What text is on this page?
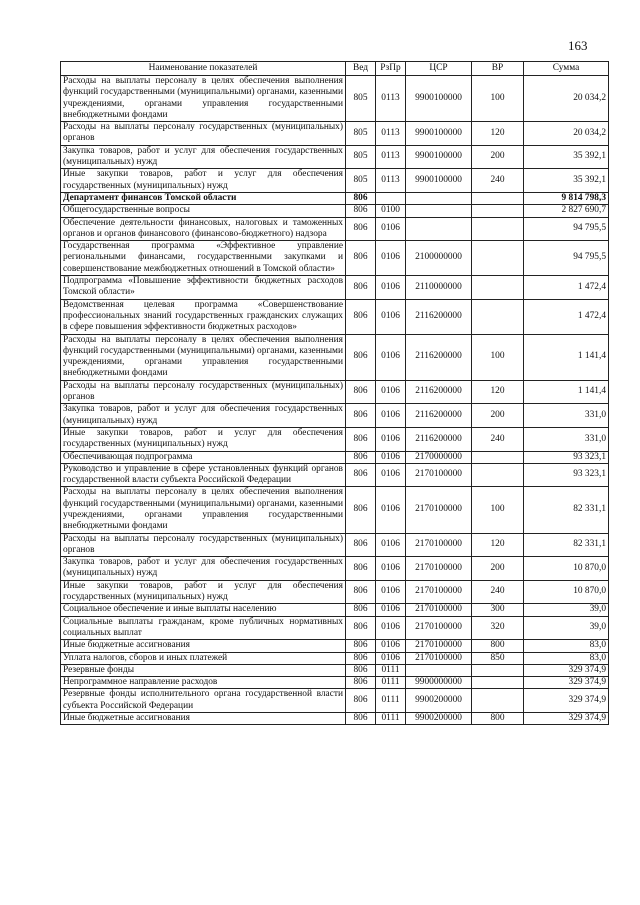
163
Наименование показателей	Вед	РзПр	ЦСР	ВР	Сумма
Расходы на выплаты персоналу в целях обеспечения выполнения функций государственными (муниципальными) органами, казенными учреждениями, органами управления государственными внебюджетными фондами	805	0113	9900100000	100	20 034,2
Расходы на выплаты персоналу государственных (муниципальных) органов	805	0113	9900100000	120	20 034,2
Закупка товаров, работ и услуг для обеспечения государственных (муниципальных) нужд	805	0113	9900100000	200	35 392,1
Иные закупки товаров, работ и услуг для обеспечения государственных (муниципальных) нужд	805	0113	9900100000	240	35 392,1
Департамент финансов Томской области	806				9 814 798,3
Общегосударственные вопросы	806	0100			2 827 690,7
Обеспечение деятельности финансовых, налоговых и таможенных органов и органов финансового (финансово-бюджетного) надзора	806	0106			94 795,5
Государственная программа «Эффективное управление региональными финансами, государственными закупками и совершенствование межбюджетных отношений в Томской области»	806	0106	2100000000		94 795,5
Подпрограмма «Повышение эффективности бюджетных расходов Томской области»	806	0106	2110000000		1 472,4
Ведомственная целевая программа «Совершенствование профессиональных знаний государственных гражданских служащих в сфере повышения эффективности бюджетных расходов»	806	0106	2116200000		1 472,4
Расходы на выплаты персоналу в целях обеспечения выполнения функций государственными (муниципальными) органами, казенными учреждениями, органами управления государственными внебюджетными фондами	806	0106	2116200000	100	1 141,4
Расходы на выплаты персоналу государственных (муниципальных) органов	806	0106	2116200000	120	1 141,4
Закупка товаров, работ и услуг для обеспечения государственных (муниципальных) нужд	806	0106	2116200000	200	331,0
Иные закупки товаров, работ и услуг для обеспечения государственных (муниципальных) нужд	806	0106	2116200000	240	331,0
Обеспечивающая подпрограмма	806	0106	2170000000		93 323,1
Руководство и управление в сфере установленных функций органов государственной власти субъекта Российской Федерации	806	0106	2170100000		93 323,1
Расходы на выплаты персоналу в целях обеспечения выполнения функций государственными (муниципальными) органами, казенными учреждениями, органами управления государственными внебюджетными фондами	806	0106	2170100000	100	82 331,1
Расходы на выплаты персоналу государственных (муниципальных) органов	806	0106	2170100000	120	82 331,1
Закупка товаров, работ и услуг для обеспечения государственных (муниципальных) нужд	806	0106	2170100000	200	10 870,0
Иные закупки товаров, работ и услуг для обеспечения государственных (муниципальных) нужд	806	0106	2170100000	240	10 870,0
Социальное обеспечение и иные выплаты населению	806	0106	2170100000	300	39,0
Социальные выплаты гражданам, кроме публичных нормативных социальных выплат	806	0106	2170100000	320	39,0
Иные бюджетные ассигнования	806	0106	2170100000	800	83,0
Уплата налогов, сборов и иных платежей	806	0106	2170100000	850	83,0
Резервные фонды	806	0111			329 374,9
Непрограммное направление расходов	806	0111	9900000000		329 374,9
Резервные фонды исполнительного органа государственной власти субъекта Российской Федерации	806	0111	9900200000		329 374,9
Иные бюджетные ассигнования	806	0111	9900200000	800	329 374,9
